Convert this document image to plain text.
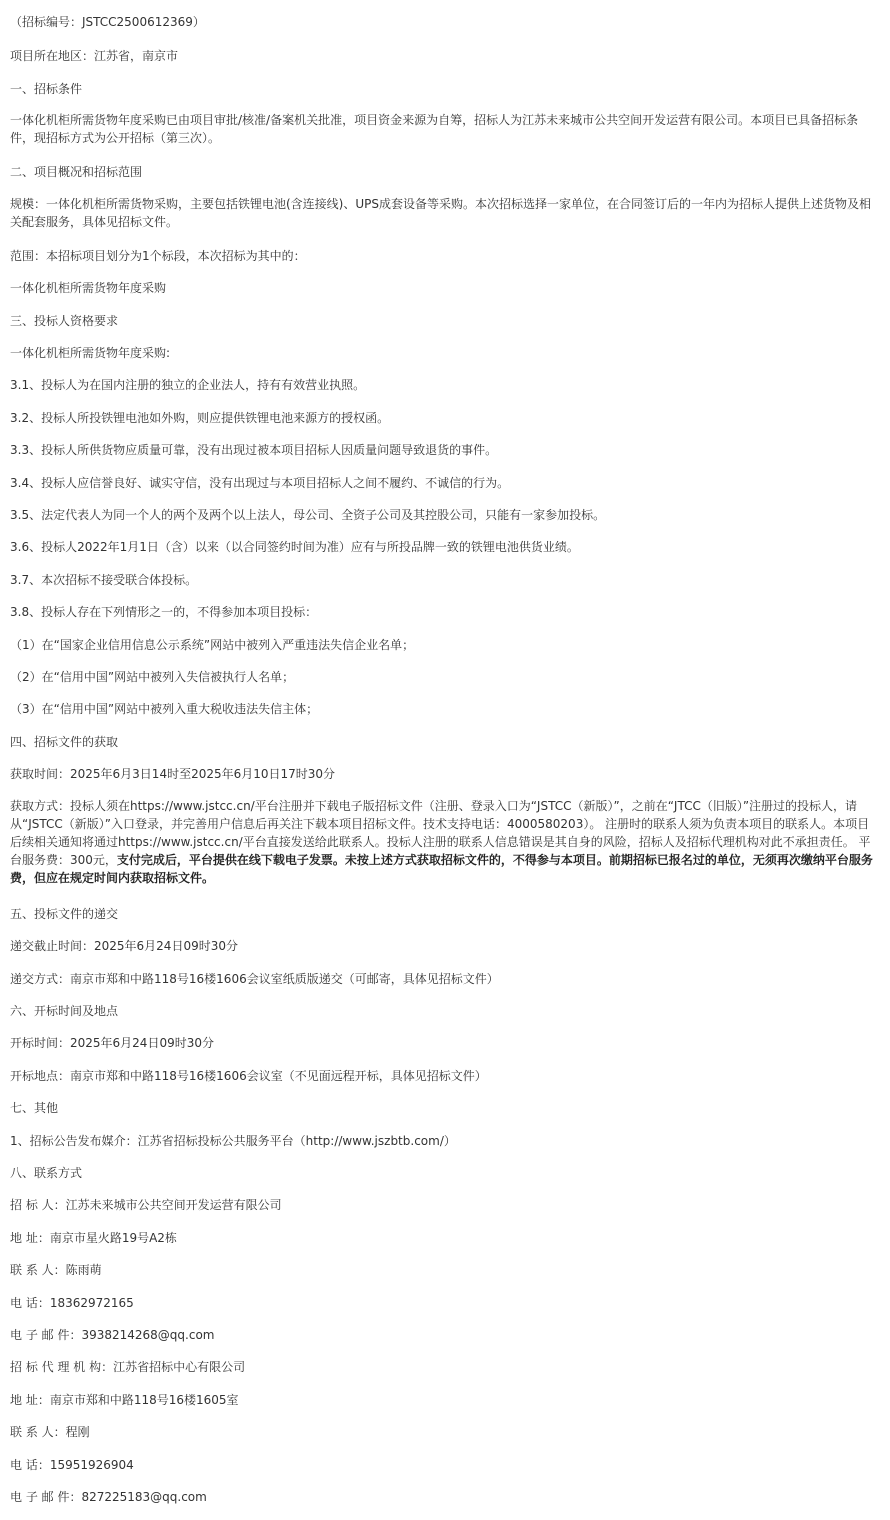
（招标编号：JSTCC2500612369）
项目所在地区：江苏省，南京市
一、招标条件
一体化机柜所需货物年度采购已由项目审批/核准/备案机关批准，项目资金来源为自筹，招标人为江苏未来城市公共空间开发运营有限公司。本项目已具备招标条件，现招标方式为公开招标（第三次）。
二、项目概况和招标范围
规模：一体化机柜所需货物采购，主要包括铁锂电池(含连接线)、UPS成套设备等采购。本次招标选择一家单位，在合同签订后的一年内为招标人提供上述货物及相关配套服务，具体见招标文件。
范围：本招标项目划分为1个标段，本次招标为其中的：
一体化机柜所需货物年度采购
三、投标人资格要求
一体化机柜所需货物年度采购:
3.1、投标人为在国内注册的独立的企业法人，持有有效营业执照。
3.2、投标人所投铁锂电池如外购，则应提供铁锂电池来源方的授权函。
3.3、投标人所供货物应质量可靠，没有出现过被本项目招标人因质量问题导致退货的事件。
3.4、投标人应信誉良好、诚实守信，没有出现过与本项目招标人之间不履约、不诚信的行为。
3.5、法定代表人为同一个人的两个及两个以上法人，母公司、全资子公司及其控股公司，只能有一家参加投标。
3.6、投标人2022年1月1日（含）以来（以合同签约时间为准）应有与所投品牌一致的铁锂电池供货业绩。
3.7、本次招标不接受联合体投标。
3.8、投标人存在下列情形之一的，不得参加本项目投标：
（1）在“国家企业信用信息公示系统”网站中被列入严重违法失信企业名单；
（2）在“信用中国”网站中被列入失信被执行人名单；
（3）在“信用中国”网站中被列入重大税收违法失信主体；
四、招标文件的获取
获取时间：2025年6月3日14时至2025年6月10日17时30分
获取方式：投标人须在https://www.jstcc.cn/平台注册并下载电子版招标文件（注册、登录入口为“JSTCC（新版）”，之前在“JTCC（旧版）”注册过的投标人，请从“JSTCC（新版）”入口登录，并完善用户信息后再关注下载本项目招标文件。技术支持电话：4000580203）。 注册时的联系人须为负责本项目的联系人。本项目后续相关通知将通过https://www.jstcc.cn/平台直接发送给此联系人。投标人注册的联系人信息错误是其自身的风险，招标人及招标代理机构对此不承担责任。 平台服务费：300元，支付完成后，平台提供在线下载电子发票。未按上述方式获取招标文件的，不得参与本项目。前期招标已报名过的单位，无须再次缴纳平台服务费，但应在规定时间内获取招标文件。
五、投标文件的递交
递交截止时间：2025年6月24日09时30分
递交方式：南京市郑和中路118号16楼1606会议室纸质版递交（可邮寄，具体见招标文件）
六、开标时间及地点
开标时间：2025年6月24日09时30分
开标地点：南京市郑和中路118号16楼1606会议室（不见面远程开标，具体见招标文件）
七、其他
1、招标公告发布媒介：江苏省招标投标公共服务平台（http://www.jszbtb.com/）
八、联系方式
招 标 人：江苏未来城市公共空间开发运营有限公司
地 址：南京市星火路19号A2栋
联 系 人：陈雨萌
电 话：18362972165
电 子 邮 件：3938214268@qq.com
招 标 代 理 机 构：江苏省招标中心有限公司
地 址：南京市郑和中路118号16楼1605室
联 系 人：程刚
电 话：15951926904
电 子 邮 件：827225183@qq.com
